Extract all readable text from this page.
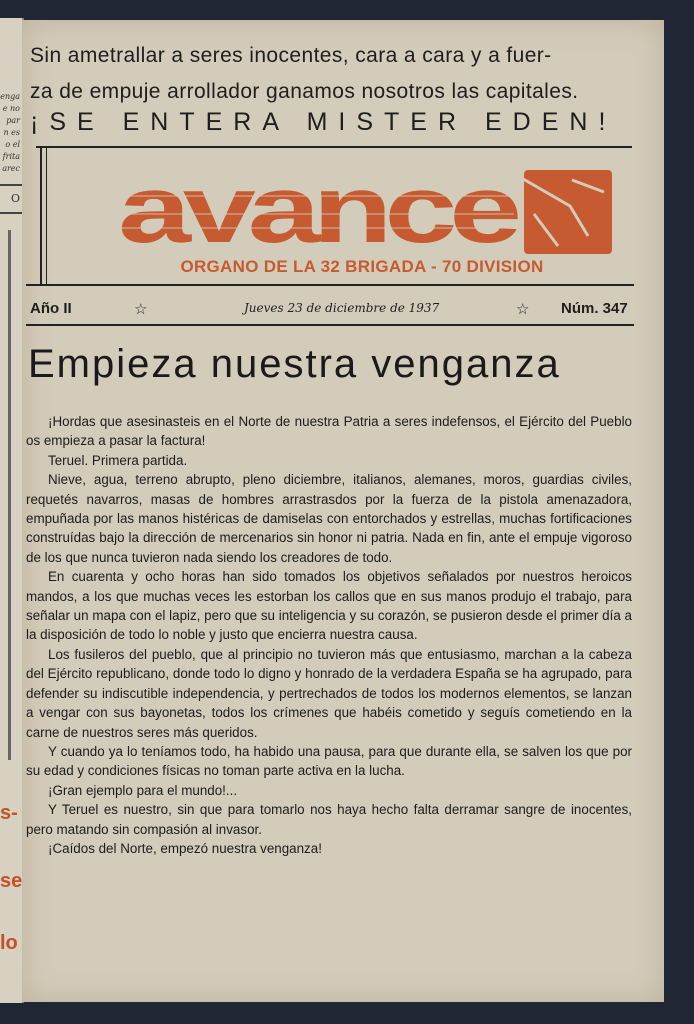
enga
e no
par
n es
o el
frita
arec
O
s-
se
lo
Sin ametrallar a seres inocentes, cara a cara y a fuer-
za de empuje arrollador ganamos nosotros las capitales.
¡SE ENTERA MISTER EDEN!
avance
ORGANO DE LA 32 BRIGADA - 70 DIVISION
Año II	☆	Jueves 23 de diciembre de 1937	☆ Núm. 347
Empieza nuestra venganza

¡Hordas que asesinasteis en el Norte de nuestra Patria a seres indefensos, el Ejército del Pueblo os empieza a pasar la factura!

Teruel. Primera partida.

Nieve, agua, terreno abrupto, pleno diciembre, italianos, alemanes, moros, guardias civiles, requetés navarros, masas de hombres arrastrasdos por la fuerza de la pistola amenazadora, empuñada por las manos histéricas de damiselas con entorchados y estrellas, muchas fortificaciones construídas bajo la dirección de mercenarios sin honor ni patria. Nada en fin, ante el empuje vigoroso de los que nunca tuvieron nada siendo los creadores de todo.

En cuarenta y ocho horas han sido tomados los objetivos señalados por nuestros heroicos mandos, a los que muchas veces les estorban los callos que en sus manos produjo el trabajo, para señalar un mapa con el lapiz, pero que su inteligencia y su corazón, se pusieron desde el primer día a la disposición de todo lo noble y justo que encierra nuestra causa.

Los fusileros del pueblo, que al principio no tuvieron más que entusiasmo, marchan a la cabeza del Ejército republicano, donde todo lo digno y honrado de la verdadera España se ha agrupado, para defender su indiscutible independencia, y pertrechados de todos los modernos elementos, se lanzan a vengar con sus bayonetas, todos los crímenes que habéis cometido y seguís cometiendo en la carne de nuestros seres más queridos.

Y cuando ya lo teníamos todo, ha habido una pausa, para que durante ella, se salven los que por su edad y condiciones físicas no toman parte activa en la lucha.

¡Gran ejemplo para el mundo!...

Y Teruel es nuestro, sin que para tomarlo nos haya hecho falta derramar sangre de inocentes, pero matando sin compasión al invasor.

¡Caídos del Norte, empezó nuestra venganza!
